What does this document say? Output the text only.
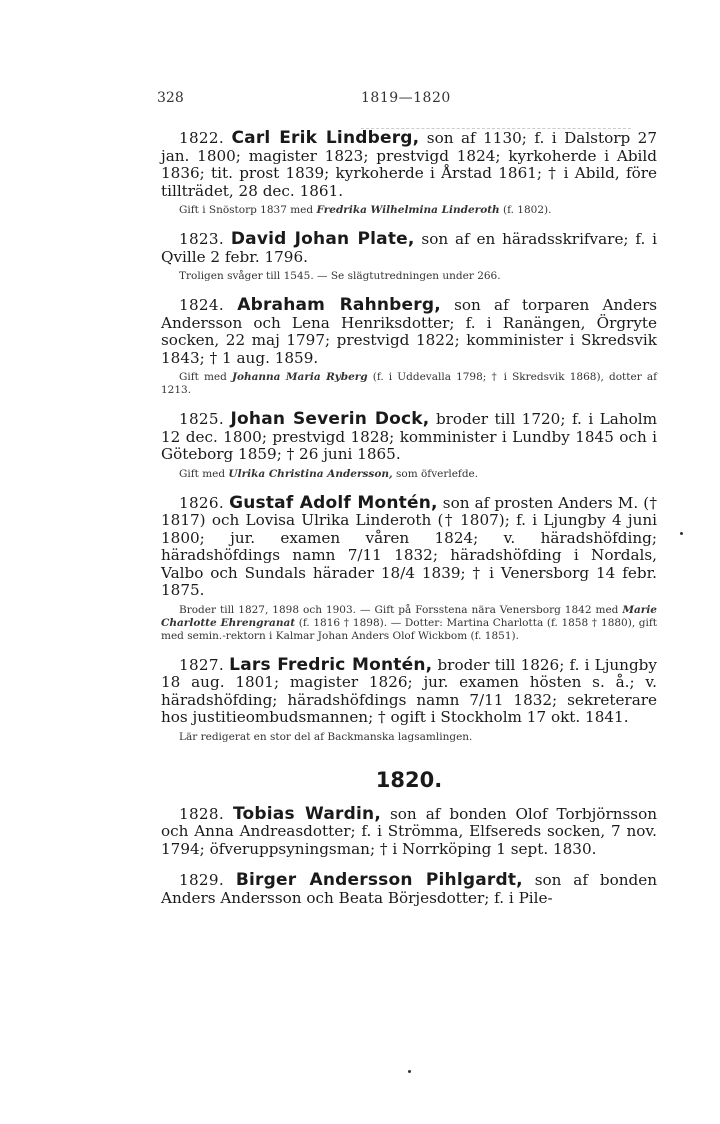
328	1819—1820
1822. Carl Erik Lindberg, son af 1130; f. i Dalstorp 27 jan. 1800; magister 1823; prestvigd 1824; kyrkoherde i Abild 1836; tit. prost 1839; kyrkoherde i Årstad 1861; † i Abild, före tillträdet, 28 dec. 1861.
Gift i Snöstorp 1837 med Fredrika Wilhelmina Linderoth (f. 1802).
1823. David Johan Plate, son af en häradsskrifvare; f. i Qville 2 febr. 1796.
Troligen svåger till 1545. — Se slägtutredningen under 266.
1824. Abraham Rahnberg, son af torparen Anders Andersson och Lena Henriksdotter; f. i Ranängen, Örgryte socken, 22 maj 1797; prestvigd 1822; komminister i Skredsvik 1843; † 1 aug. 1859.
Gift med Johanna Maria Ryberg (f. i Uddevalla 1798; † i Skredsvik 1868), dotter af 1213.
1825. Johan Severin Dock, broder till 1720; f. i Laholm 12 dec. 1800; prestvigd 1828; komminister i Lundby 1845 och i Göteborg 1859; † 26 juni 1865.
Gift med Ulrika Christina Andersson, som öfverlefde.
1826. Gustaf Adolf Montén, son af prosten Anders M. († 1817) och Lovisa Ulrika Linderoth († 1807); f. i Ljungby 4 juni 1800; jur. examen våren 1824; v. häradshöfding; häradshöfdings namn 7/11 1832; häradshöfding i Nordals, Valbo och Sundals härader 18/4 1839; † i Venersborg 14 febr. 1875.
Broder till 1827, 1898 och 1903. — Gift på Forsstena nära Venersborg 1842 med Marie Charlotte Ehrengranat (f. 1816 † 1898). — Dotter: Martina Charlotta (f. 1858 † 1880), gift med semin.-rektorn i Kalmar Johan Anders Olof Wickbom (f. 1851).
1827. Lars Fredric Montén, broder till 1826; f. i Ljungby 18 aug. 1801; magister 1826; jur. examen hösten s. å.; v. häradshöfding; häradshöfdings namn 7/11 1832; sekreterare hos justitieombudsmannen; † ogift i Stockholm 17 okt. 1841.
Lär redigerat en stor del af Backmanska lagsamlingen.
1820.
1828. Tobias Wardin, son af bonden Olof Torbjörnsson och Anna Andreasdotter; f. i Strömma, Elfsereds socken, 7 nov. 1794; öfveruppsyningsman; † i Norrköping 1 sept. 1830.
1829. Birger Andersson Pihlgardt, son af bonden Anders Andersson och Beata Börjesdotter; f. i Pile-
